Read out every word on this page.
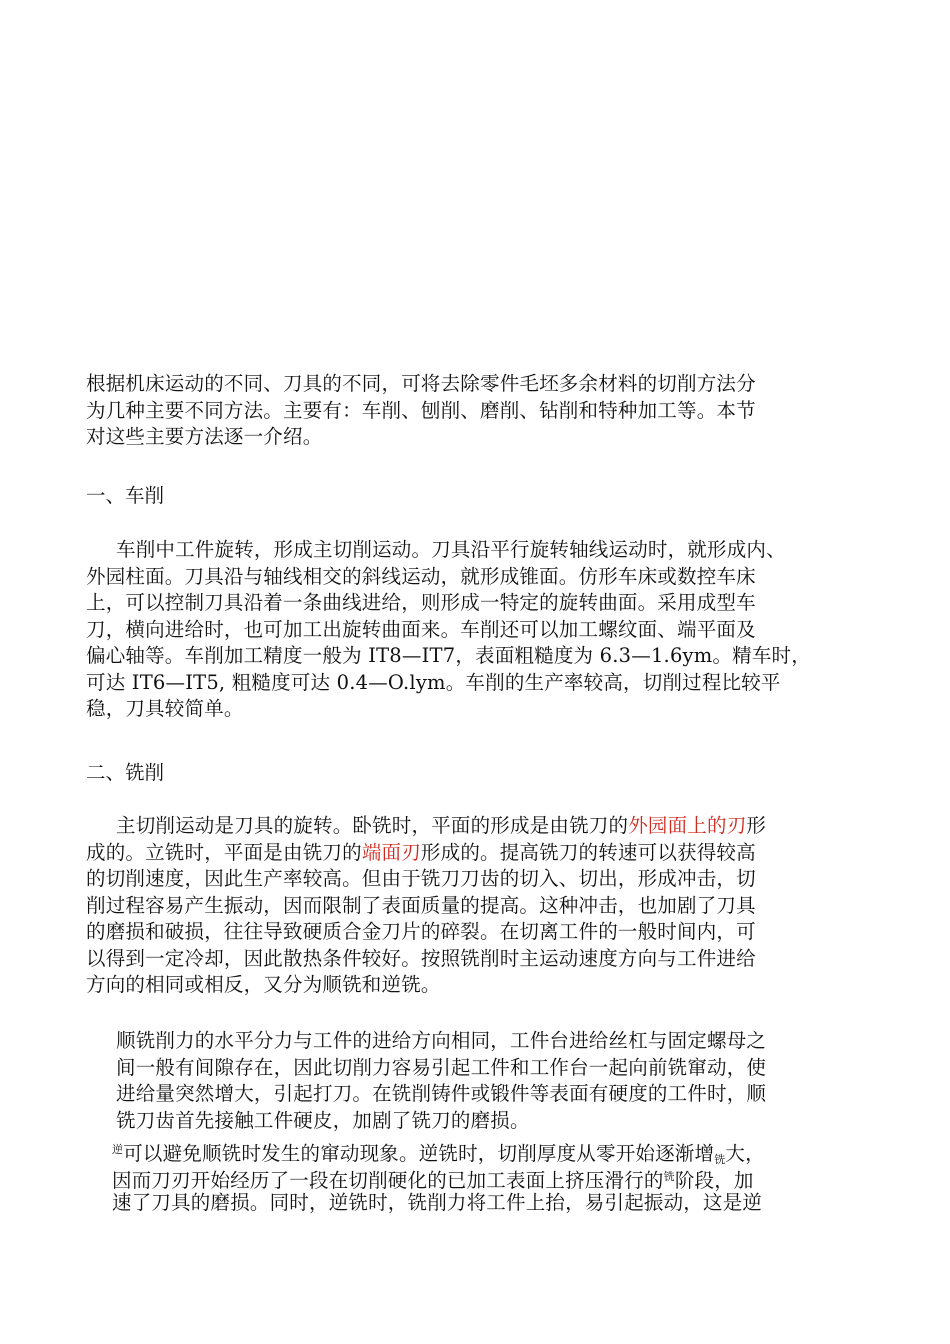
根据机床运动的不同、刀具的不同，可将去除零件毛坯多余材料的切削方法分
为几种主要不同方法。主要有：车削、刨削、磨削、钻削和特种加工等。本节
对这些主要方法逐一介绍。
一、车削
车削中工件旋转，形成主切削运动。刀具沿平行旋转轴线运动时，就形成内、
外园柱面。刀具沿与轴线相交的斜线运动，就形成锥面。仿形车床或数控车床
上，可以控制刀具沿着一条曲线进给，则形成一特定的旋转曲面。采用成型车
刀，横向进给时，也可加工出旋转曲面来。车削还可以加工螺纹面、端平面及
偏心轴等。车削加工精度一般为 IT8—IT7，表面粗糙度为 6.3—1.6ym。精车时，
可达 IT6—IT5, 粗糙度可达 0.4—O.lym。车削的生产率较高，切削过程比较平
稳，刀具较简单。
二、铣削
主切削运动是刀具的旋转。卧铣时，平面的形成是由铣刀的外园面上的刃形
成的。立铣时，平面是由铣刀的端面刃形成的。提高铣刀的转速可以获得较高
的切削速度，因此生产率较高。但由于铣刀刀齿的切入、切出，形成冲击，切
削过程容易产生振动，因而限制了表面质量的提高。这种冲击，也加剧了刀具
的磨损和破损，往往导致硬质合金刀片的碎裂。在切离工件的一般时间内，可
以得到一定冷却，因此散热条件较好。按照铣削时主运动速度方向与工件进给
方向的相同或相反，又分为顺铣和逆铣。
顺铣削力的水平分力与工件的进给方向相同，工件台进给丝杠与固定螺母之
间一般有间隙存在，因此切削力容易引起工件和工作台一起向前铣窜动，使
进给量突然增大，引起打刀。在铣削铸件或锻件等表面有硬度的工件时，顺
铣刀齿首先接触工件硬皮，加剧了铣刀的磨损。
$^逆$可以避免顺铣时发生的窜动现象。逆铣时，切削厚度从零开始逐渐增$_铣$大，
因而刀刃开始经历了一段在切削硬化的已加工表面上挤压滑行的$^铣$阶段，加
速了刀具的磨损。同时，逆铣时，铣削力将工件上抬，易引起振动，这是逆
